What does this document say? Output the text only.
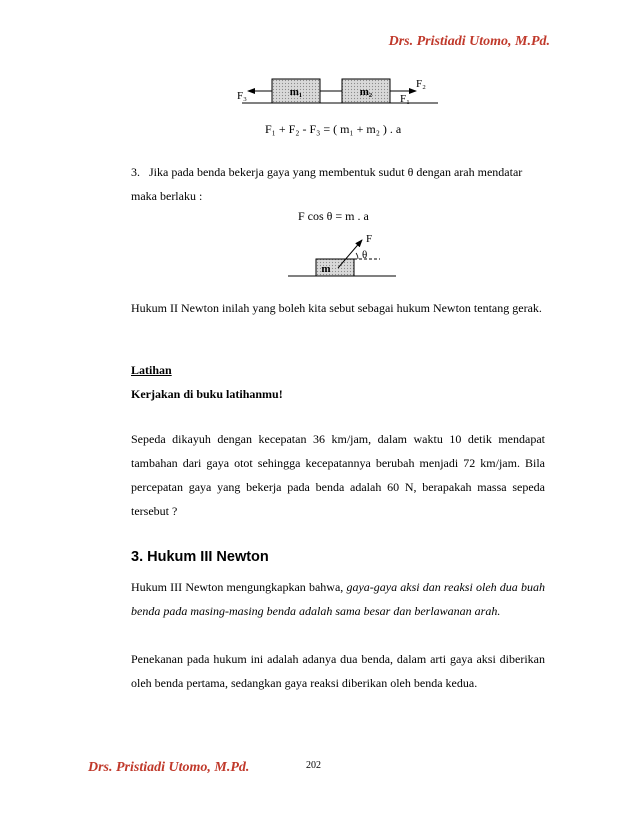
Drs. Pristiadi Utomo, M.Pd.
m₁	m₂
F₃	F₁
F₂
F₁ + F₂ - F₃ = ( m₁ + m₂ ) . a
3. Jika pada benda bekerja gaya yang membentuk sudut θ dengan arah mendatar
maka berlaku :
F cos θ = m . a
m
F
θ
Hukum II Newton inilah yang boleh kita sebut sebagai hukum Newton tentang gerak.
Latihan
Kerjakan di buku latihanmu!
Sepeda dikayuh dengan kecepatan 36 km/jam, dalam waktu 10 detik mendapat tambahan dari gaya otot sehingga kecepatannya berubah menjadi 72 km/jam. Bila percepatan gaya yang bekerja pada benda adalah 60 N, berapakah massa sepeda tersebut ?
3. Hukum III Newton
Hukum III Newton mengungkapkan bahwa, gaya-gaya aksi dan reaksi oleh dua buah benda pada masing-masing benda adalah sama besar dan berlawanan arah.
Penekanan pada hukum ini adalah adanya dua benda, dalam arti gaya aksi diberikan oleh benda pertama, sedangkan gaya reaksi diberikan oleh benda kedua.
Drs. Pristiadi Utomo, M.Pd.	202
